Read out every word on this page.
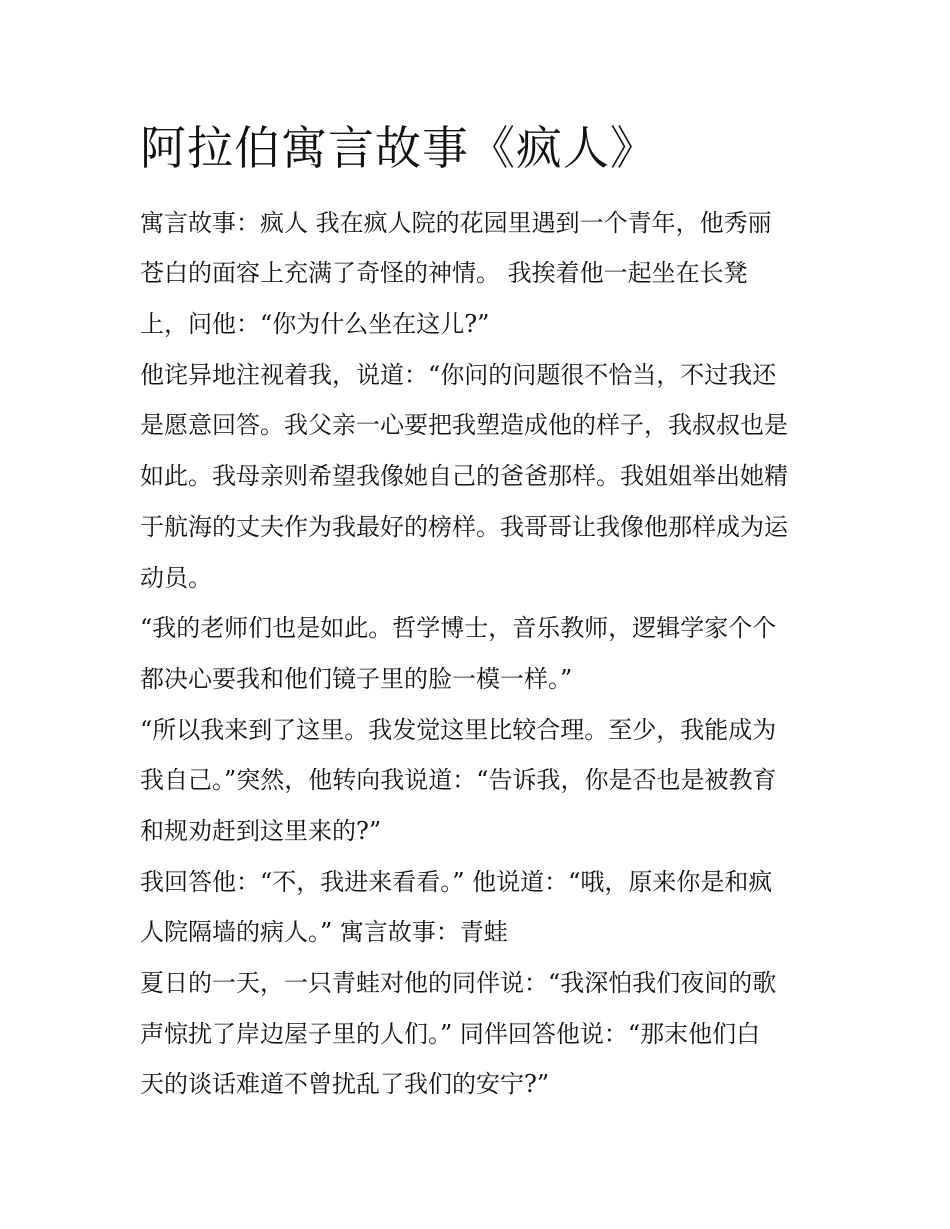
阿拉伯寓言故事《疯人》

寓言故事：疯人 我在疯人院的花园里遇到一个青年，他秀丽

苍白的面容上充满了奇怪的神情。 我挨着他一起坐在长凳

上，问他：“你为什么坐在这儿?”

他诧异地注视着我，说道：“你问的问题很不恰当，不过我还

是愿意回答。我父亲一心要把我塑造成他的样子，我叔叔也是

如此。我母亲则希望我像她自己的爸爸那样。我姐姐举出她精

于航海的丈夫作为我最好的榜样。我哥哥让我像他那样成为运

动员。

“我的老师们也是如此。哲学博士，音乐教师，逻辑学家个个

都决心要我和他们镜子里的脸一模一样。”

“所以我来到了这里。我发觉这里比较合理。至少，我能成为

我自己。”突然，他转向我说道：“告诉我，你是否也是被教育

和规劝赶到这里来的?”

我回答他：“不，我进来看看。” 他说道：“哦，原来你是和疯

人院隔墙的病人。” 寓言故事：青蛙

夏日的一天，一只青蛙对他的同伴说：“我深怕我们夜间的歌

声惊扰了岸边屋子里的人们。” 同伴回答他说：“那末他们白

天的谈话难道不曾扰乱了我们的安宁?”
